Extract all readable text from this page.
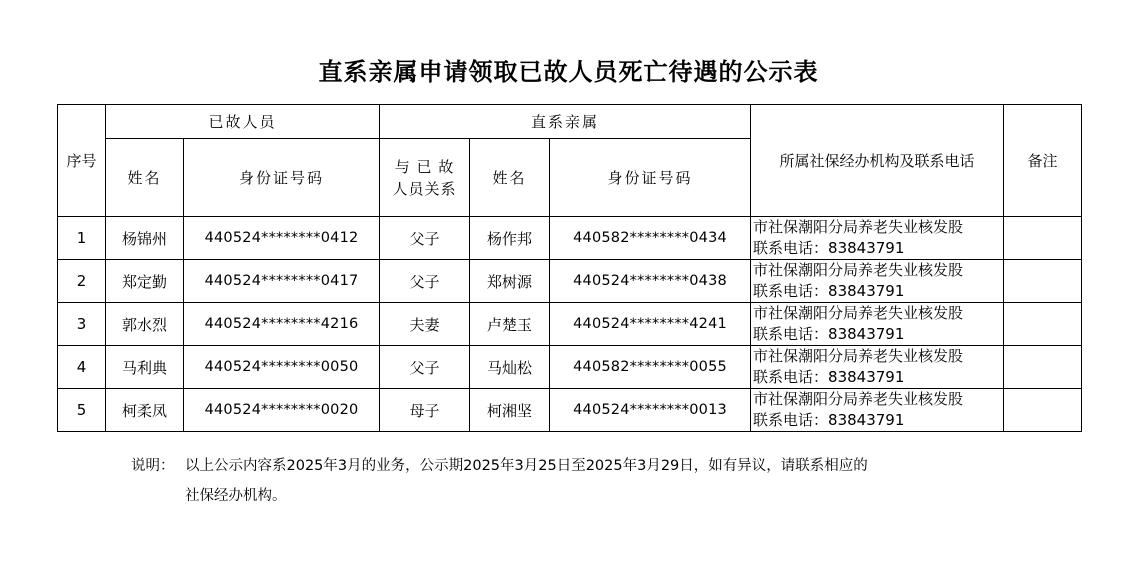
直系亲属申请领取已故人员死亡待遇的公示表
序号	已故人员		直系亲属			所属社保经办机构及联系电话	备注
	姓名	身份证号码	与 已 故
人员关系	姓名	身份证号码		
1	杨锦州	440524********0412	父子	杨作邦	440582********0434	市社保潮阳分局养老失业核发股
联系电话：83843791	

2	郑定勤	440524********0417	父子	郑树源	440524********0438	市社保潮阳分局养老失业核发股
联系电话：83843791	

3	郭水烈	440524********4216	夫妻	卢楚玉	440524********4241	市社保潮阳分局养老失业核发股
联系电话：83843791	

4	马利典	440524********0050	父子	马灿松	440582********0055	市社保潮阳分局养老失业核发股
联系电话：83843791	

5	柯柔凤	440524********0020	母子	柯湘坚	440524********0013	市社保潮阳分局养老失业核发股
联系电话：83843791	

说明： 以上公示内容系2025年3月的业务，公示期2025年3月25日至2025年3月29日，如有异议，请联系相应的
社保经办机构。
